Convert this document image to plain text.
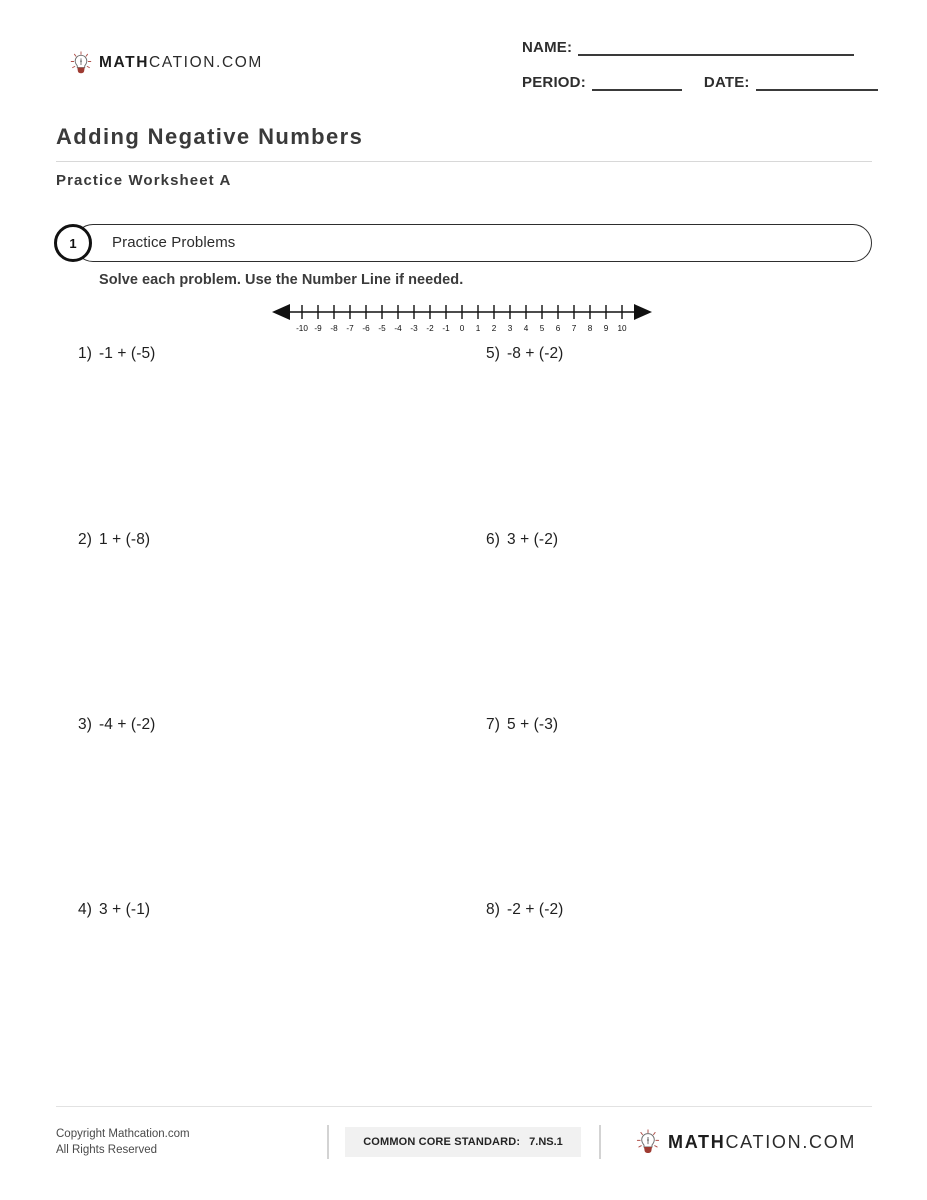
MATHCATION.COM
NAME:
PERIOD:	DATE:
Adding Negative Numbers
Practice Worksheet A
Practice Problems
1
Solve each problem. Use the Number Line if needed.
-10 -9 -8 -7 -6 -5 -4 -3 -2 -1 0 1 2 3 4 5 6 7 8 9 10
1) -1 + (-5)
2) 1 + (-8)
3) -4 + (-2)
4) 3 + (-1)
5) -8 + (-2)
6) 3 + (-2)
7) 5 + (-3)
8) -2 + (-2)
Copyright Mathcation.com
All Rights Reserved
COMMON CORE STANDARD: 7.NS.1	MATHCATION.COM
